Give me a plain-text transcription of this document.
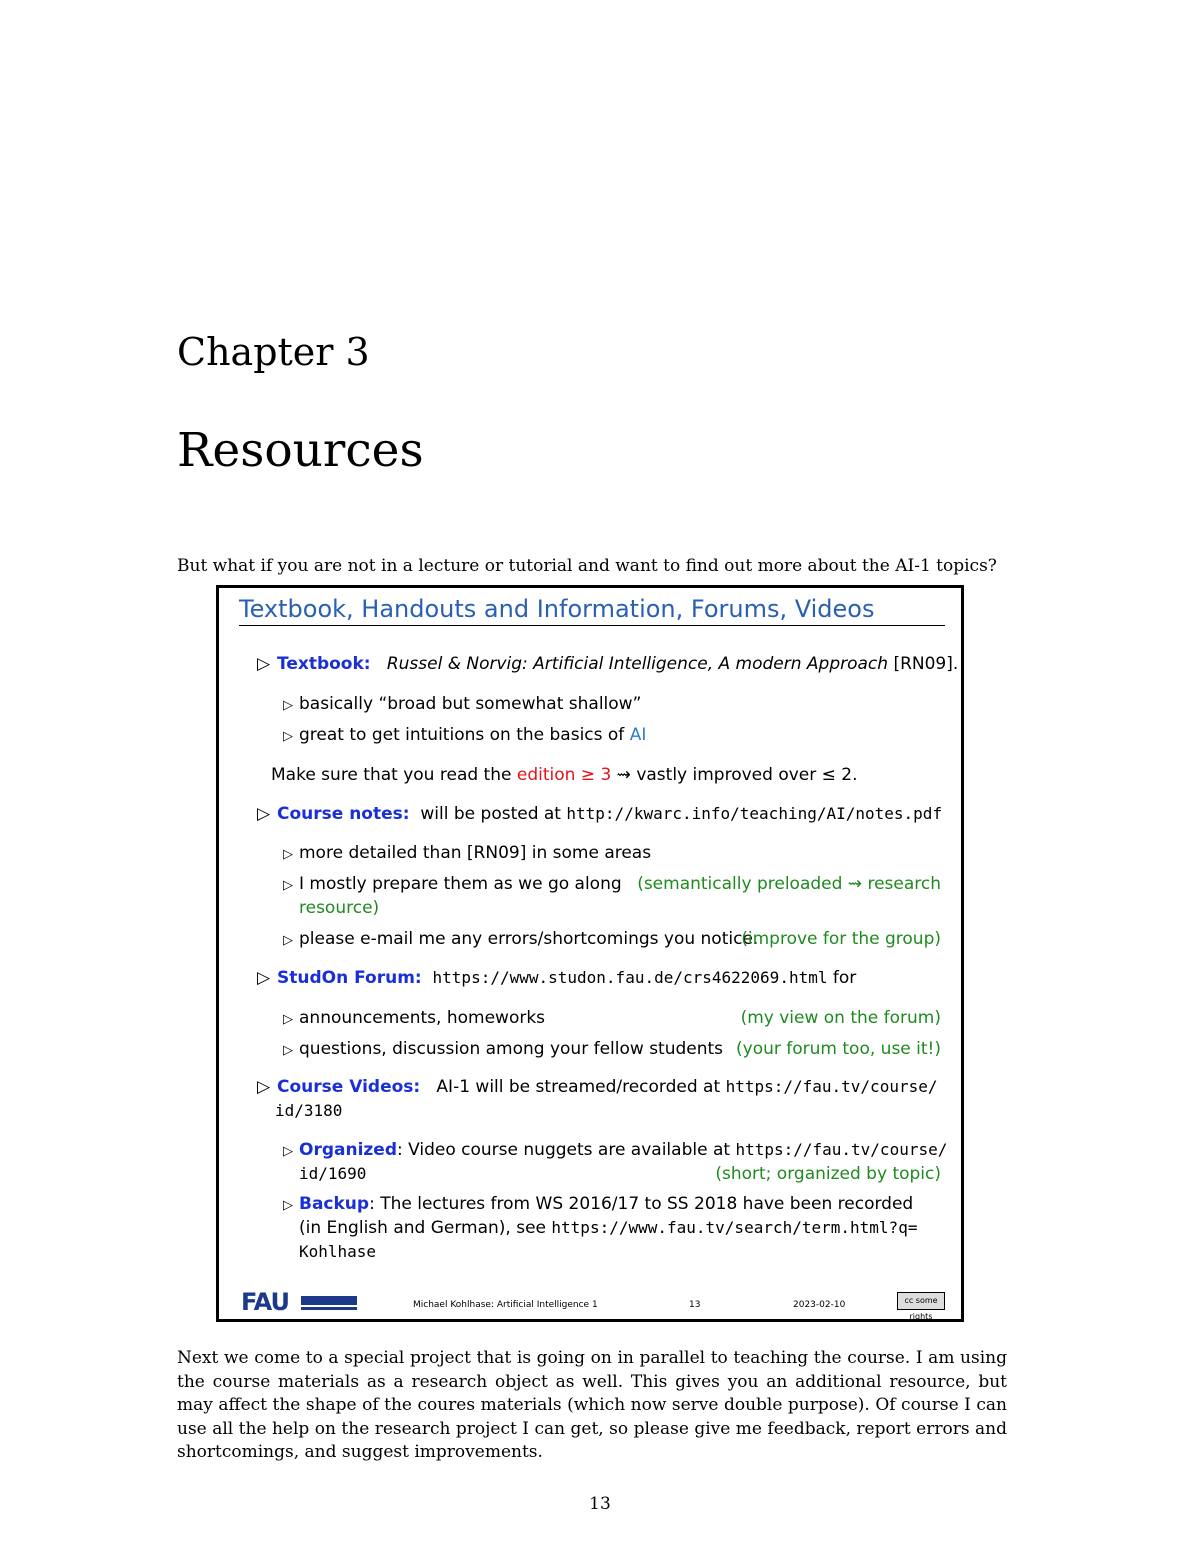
Chapter 3
Resources
But what if you are not in a lecture or tutorial and want to find out more about the AI-1 topics?
Textbook, Handouts and Information, Forums, Videos
▷ Textbook: Russel & Norvig: Artificial Intelligence, A modern Approach [RN09].
▷ basically “broad but somewhat shallow”
▷ great to get intuitions on the basics of AI
Make sure that you read the edition ≥ 3 ⇝ vastly improved over ≤ 2.
▷ Course notes: will be posted at http://kwarc.info/teaching/AI/notes.pdf
▷ more detailed than [RN09] in some areas
▷ I mostly prepare them as we go along (semantically preloaded ⇝ research
resource)
▷ please e-mail me any errors/shortcomings you notice.
(improve for the group)
▷ StudOn Forum: https://www.studon.fau.de/crs4622069.html for
▷ announcements, homeworks	(my view on the forum)
▷ questions, discussion among your fellow students (your forum too, use it!)
▷ Course Videos: AI-1 will be streamed/recorded at https://fau.tv/course/
id/3180
▷ Organized: Video course nuggets are available at https://fau.tv/course/
id/1690	(short; organized by topic)
▷ Backup: The lectures from WS 2016/17 to SS 2018 have been recorded
(in English and German), see https://www.fau.tv/search/term.html?q=
Kohlhase
FAU	Michael Kohlhase: Artificial Intelligence 1	13	2023-02-10	cc some rights
Next we come to a special project that is going on in parallel to teaching the course. I am using the course materials as a research object as well. This gives you an additional resource, but may affect the shape of the coures materials (which now serve double purpose). Of course I can use all the help on the research project I can get, so please give me feedback, report errors and shortcomings, and suggest improvements.
13
